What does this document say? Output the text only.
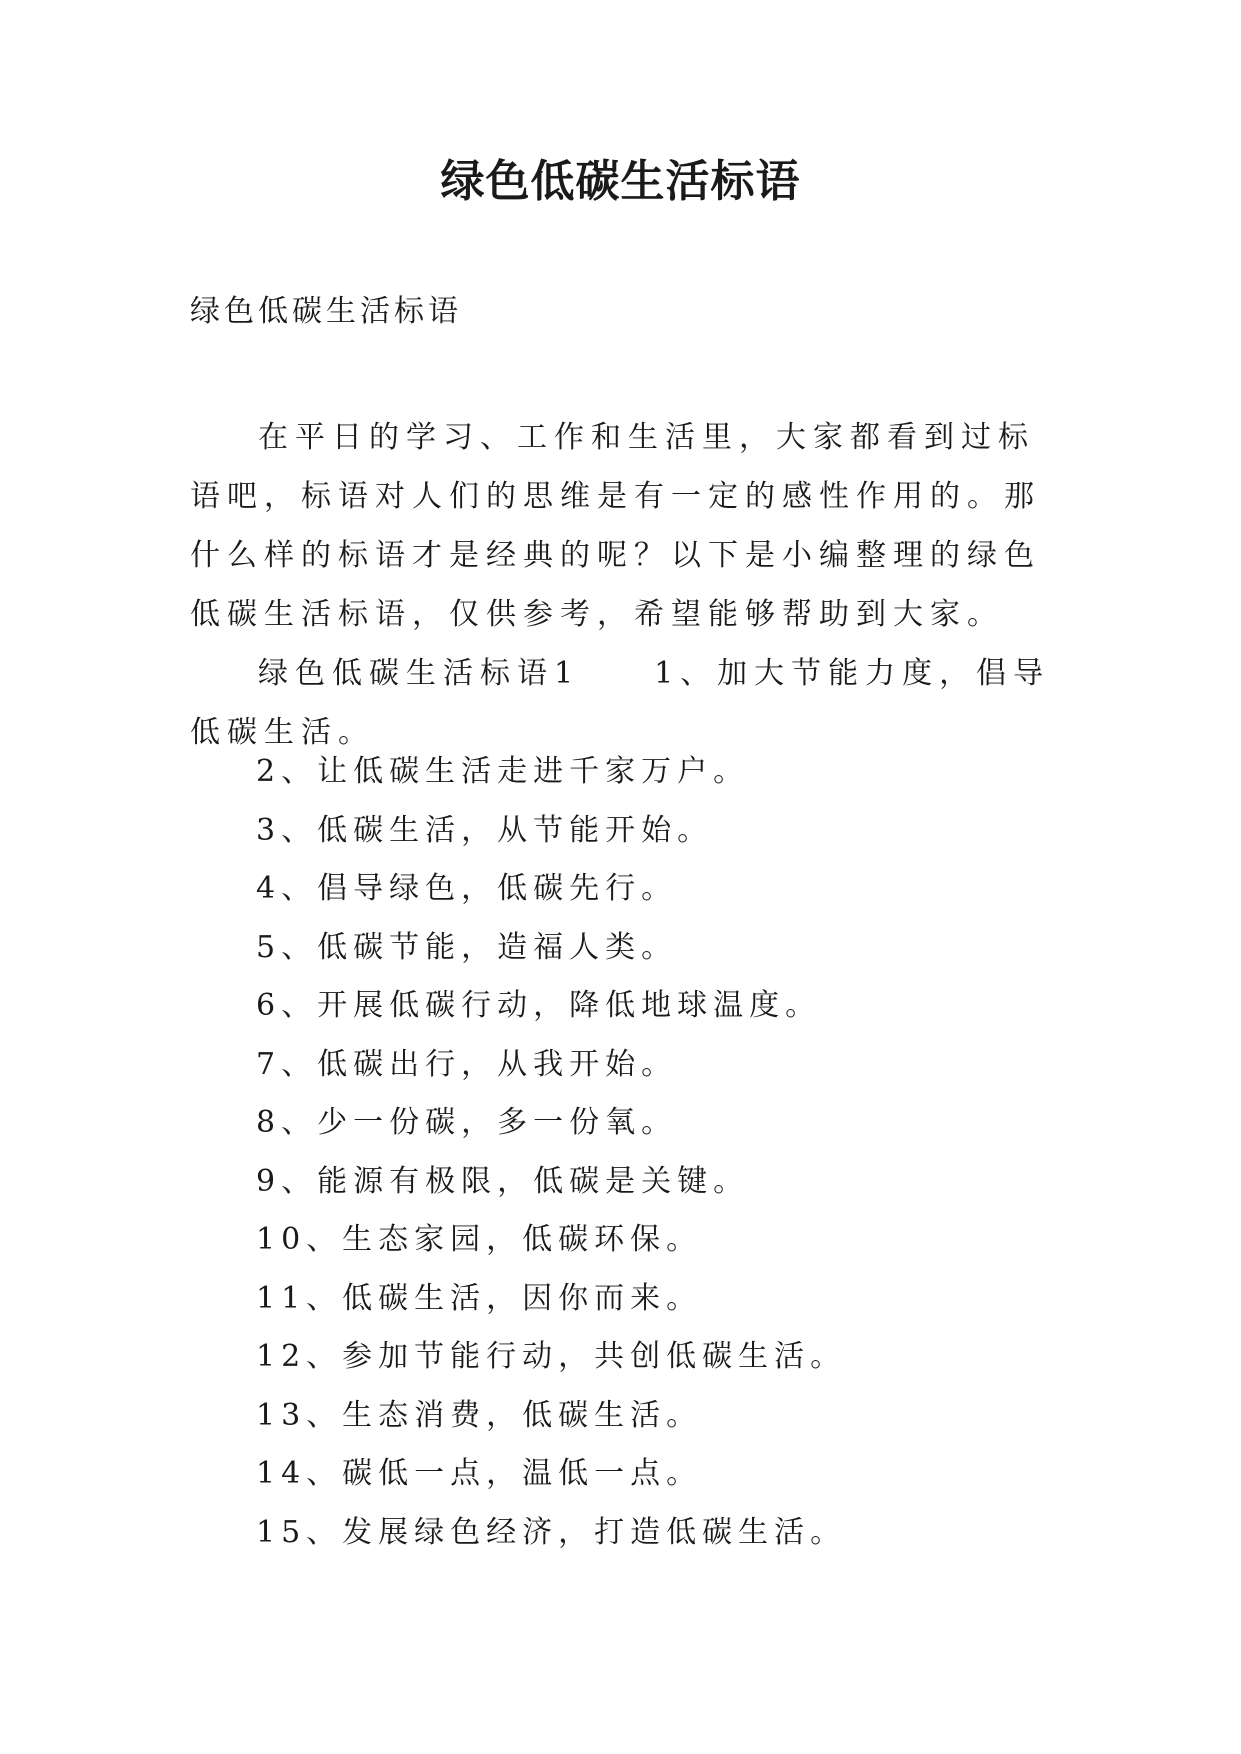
绿色低碳生活标语
绿色低碳生活标语

在平日的学习、工作和生活里，大家都看到过标语吧，标语对人们的思维是有一定的感性作用的。那什么样的标语才是经典的呢？以下是小编整理的绿色低碳生活标语，仅供参考，希望能够帮助到大家。

绿色低碳生活标语1　　1、加大节能力度，倡导低碳生活。

2、让低碳生活走进千家万户。
3、低碳生活，从节能开始。
4、倡导绿色，低碳先行。
5、低碳节能，造福人类。
6、开展低碳行动，降低地球温度。
7、低碳出行，从我开始。
8、少一份碳，多一份氧。
9、能源有极限，低碳是关键。
10、生态家园，低碳环保。
11、低碳生活，因你而来。
12、参加节能行动，共创低碳生活。
13、生态消费，低碳生活。
14、碳低一点，温低一点。
15、发展绿色经济，打造低碳生活。
